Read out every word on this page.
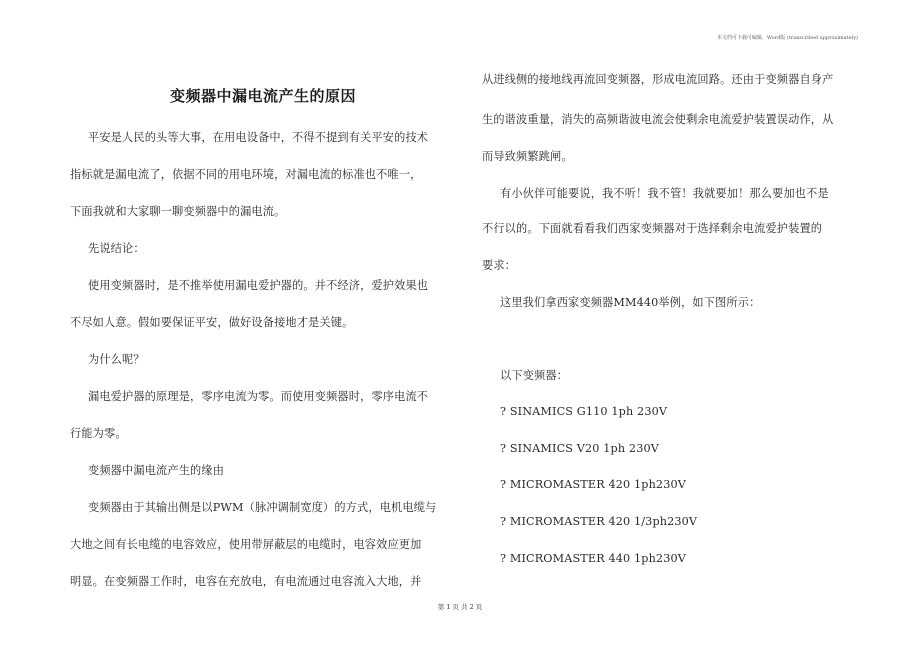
本文档可下载可编辑，Word版 (transcribed approximately)
变频器中漏电流产生的原因
平安是人民的头等大事，在用电设备中，不得不提到有关平安的技术
指标就是漏电流了，依据不同的用电环境，对漏电流的标准也不唯一，
下面我就和大家聊一聊变频器中的漏电流。
先说结论：
使用变频器时，是不推举使用漏电爱护器的。并不经济，爱护效果也
不尽如人意。假如要保证平安，做好设备接地才是关键。
为什么呢？
漏电爱护器的原理是，零序电流为零。而使用变频器时，零序电流不
行能为零。
变频器中漏电流产生的缘由
变频器由于其输出侧是以PWM（脉冲调制宽度）的方式，电机电缆与
大地之间有长电缆的电容效应，使用带屏蔽层的电缆时，电容效应更加
明显。在变频器工作时，电容在充放电，有电流通过电容流入大地，并
从进线侧的接地线再流回变频器，形成电流回路。还由于变频器自身产
生的谐波重量，消失的高频谐波电流会使剩余电流爱护装置误动作，从
而导致频繁跳闸。
有小伙伴可能要说，我不听！我不管！我就要加！那么要加也不是
不行以的。下面就看看我们西家变频器对于选择剩余电流爱护装置的
要求：
这里我们拿西家变频器MM440举例，如下图所示：
以下变频器：
? SINAMICS G110 1ph 230V
? SINAMICS V20 1ph 230V
? MICROMASTER 420 1ph230V
? MICROMASTER 420 1/3ph230V
? MICROMASTER 440 1ph230V
第 1 页 共 2 页
